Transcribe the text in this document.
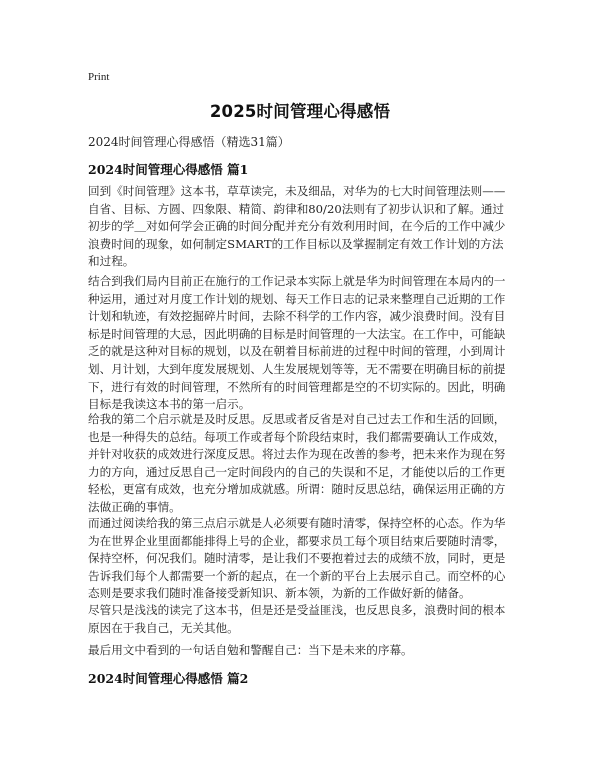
Print
2025时间管理心得感悟
2024时间管理心得感悟（精选31篇）
2024时间管理心得感悟 篇1
回到《时间管理》这本书，草草读完，未及细品，对华为的七大时间管理法则——
自省、目标、方圆、四象限、精简、韵律和80/20法则有了初步认识和了解。通过
初步的学＿对如何学会正确的时间分配并充分有效利用时间，在今后的工作中减少
浪费时间的现象，如何制定SMART的工作目标以及掌握制定有效工作计划的方法
和过程。
结合到我们局内目前正在施行的工作记录本实际上就是华为时间管理在本局内的一
种运用，通过对月度工作计划的规划、每天工作日志的记录来整理自己近期的工作
计划和轨迹，有效挖掘碎片时间，去除不科学的工作内容，减少浪费时间。没有目
标是时间管理的大忌，因此明确的目标是时间管理的一大法宝。在工作中，可能缺
乏的就是这种对目标的规划，以及在朝着目标前进的过程中时间的管理，小到周计
划、月计划，大到年度发展规划、人生发展规划等等，无不需要在明确目标的前提
下，进行有效的时间管理，不然所有的时间管理都是空的不切实际的。因此，明确
目标是我读这本书的第一启示。
给我的第二个启示就是及时反思。反思或者反省是对自己过去工作和生活的回顾，
也是一种得失的总结。每项工作或者每个阶段结束时，我们都需要确认工作成效，
并针对收获的成效进行深度反思。将过去作为现在改善的参考，把未来作为现在努
力的方向，通过反思自己一定时间段内的自己的失误和不足，才能使以后的工作更
轻松，更富有成效，也充分增加成就感。所谓：随时反思总结，确保运用正确的方
法做正确的事情。
而通过阅读给我的第三点启示就是人必须要有随时清零，保持空杯的心态。作为华
为在世界企业里面都能排得上号的企业，都要求员工每个项目结束后要随时清零，
保持空杯，何况我们。随时清零，是让我们不要抱着过去的成绩不放，同时，更是
告诉我们每个人都需要一个新的起点，在一个新的平台上去展示自己。而空杯的心
态则是要求我们随时准备接受新知识、新本领，为新的工作做好新的储备。
尽管只是浅浅的读完了这本书，但是还是受益匪浅，也反思良多，浪费时间的根本
原因在于我自己，无关其他。
最后用文中看到的一句话自勉和警醒自己：当下是未来的序幕。
2024时间管理心得感悟 篇2
